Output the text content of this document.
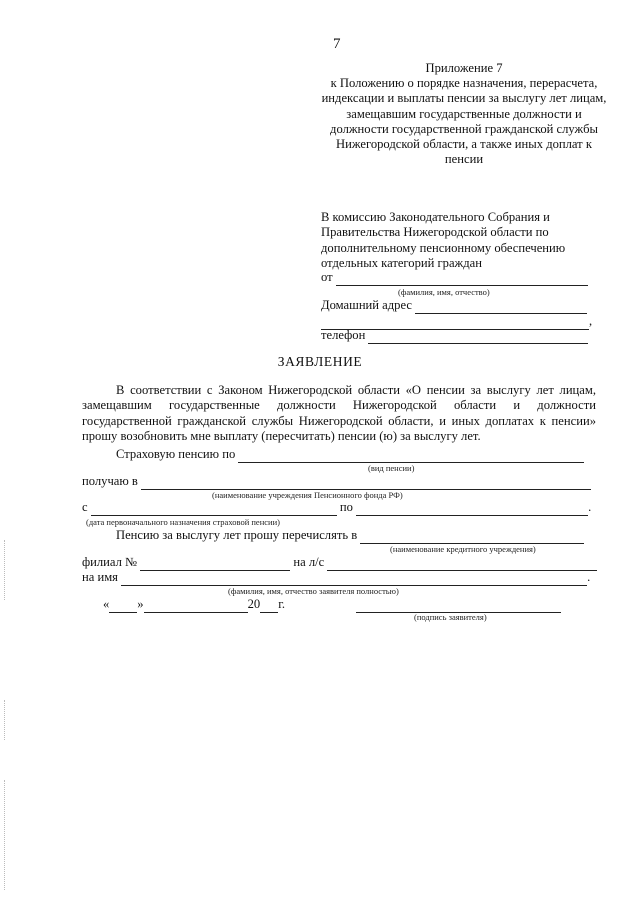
7
Приложение 7
к Положению о порядке назначения, перерасчета, индексации и выплаты пенсии за выслугу лет лицам, замещавшим государственные должности и должности государственной гражданской службы Нижегородской области, а также иных доплат к пенсии
В комиссию Законодательного Собрания и Правительства Нижегородской области по дополнительному пенсионному обеспечению отдельных категорий граждан
от
(фамилия, имя, отчество)
Домашний адрес
,
телефон
ЗАЯВЛЕНИЕ
В соответствии с Законом Нижегородской области «О пенсии за выслугу лет лицам, замещавшим государственные должности Нижегородской области и должности государственной гражданской службы Нижегородской области, и иных доплатах к пенсии» прошу возобновить мне выплату (пересчитать) пенсии (ю) за выслугу лет.
Страховую пенсию по
(вид пенсии)
получаю в
(наименование учреждения Пенсионного фонда РФ)
с	по	.
(дата первоначального назначения страховой пенсии)
Пенсию за выслугу лет прошу перечислять в
(наименование кредитного учреждения)
филиал №	на л/с
на имя	.
(фамилия, имя, отчество заявителя полностью)
« »	20 г.

(подпись заявителя)
